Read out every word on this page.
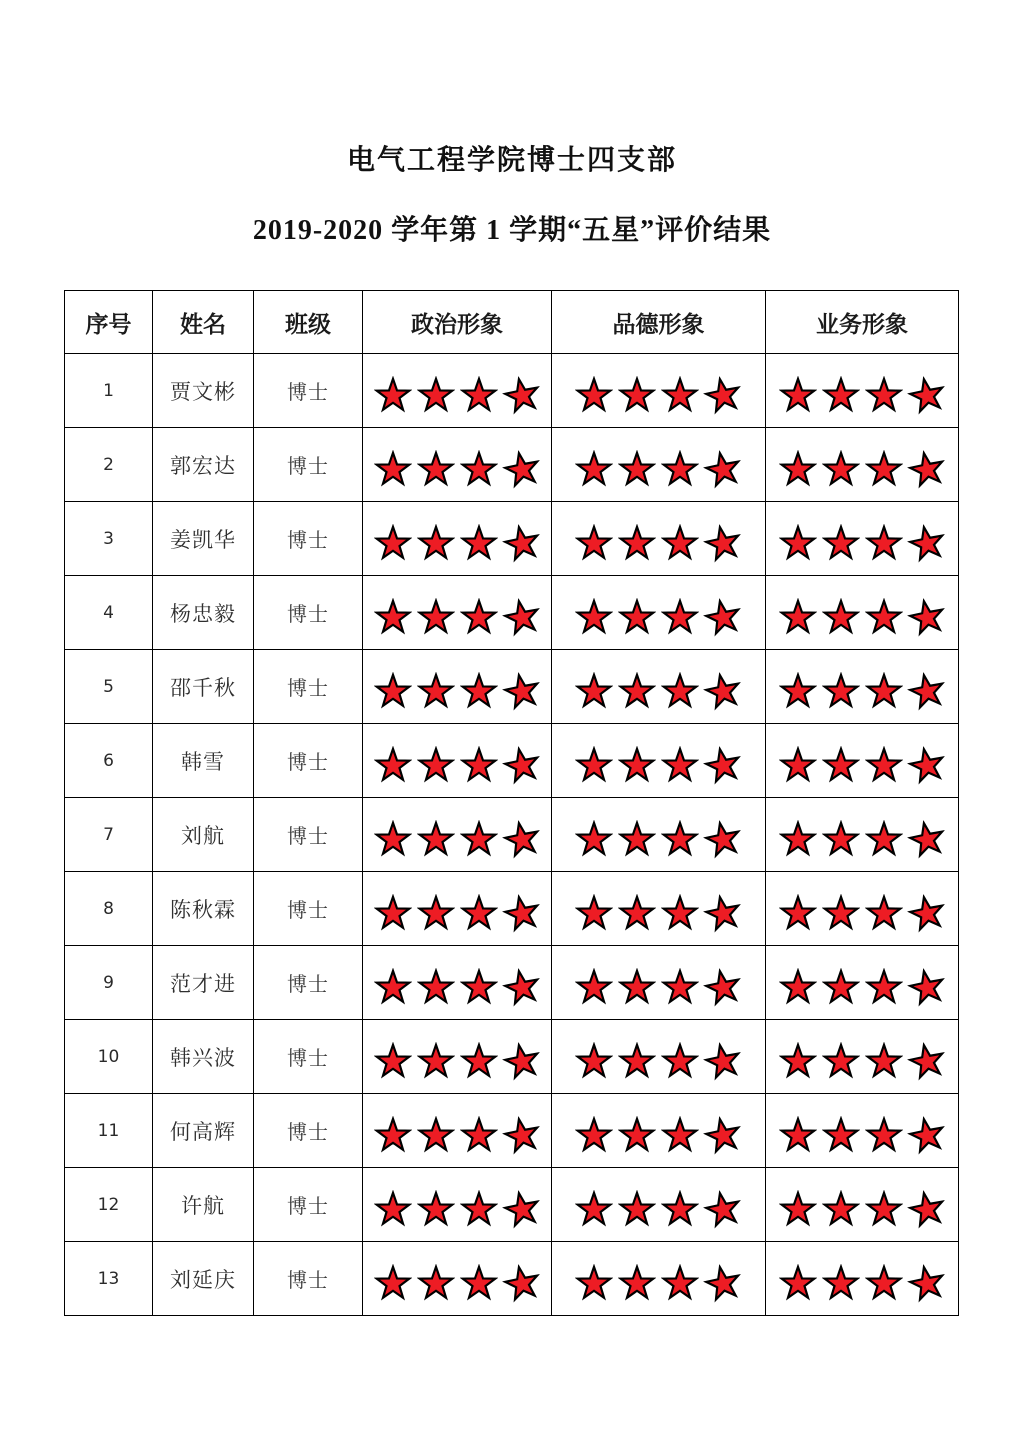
电气工程学院博士四支部
2019-2020 学年第 1 学期“五星”评价结果
序号	姓名	班级	政治形象	品德形象	业务形象
1	贾文彬	博士	

2	郭宏达	博士	

3	姜凯华	博士	

4	杨忠毅	博士	

5	邵千秋	博士	

6	韩雪	博士	

7	刘航	博士	

8	陈秋霖	博士	

9	范才进	博士	

10	韩兴波	博士	

11	何高辉	博士	

12	许航	博士	

13	刘延庆	博士	
